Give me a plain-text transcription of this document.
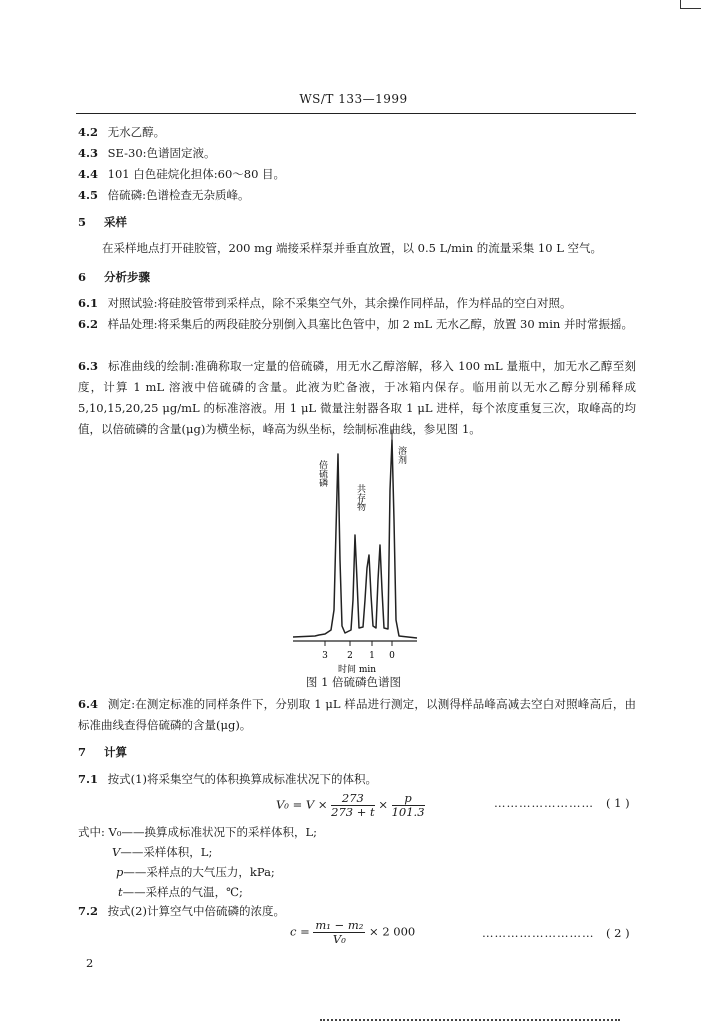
WS/T 133—1999
4.2 无水乙醇。
4.3 SE-30:色谱固定液。
4.4 101 白色硅烷化担体:60～80 目。
4.5 倍硫磷:色谱检查无杂质峰。
5 采样
在采样地点打开硅胶管，200 mg 端接采样泵并垂直放置，以 0.5 L/min 的流量采集 10 L 空气。
6 分析步骤
6.1 对照试验:将硅胶管带到采样点，除不采集空气外，其余操作同样品，作为样品的空白对照。
6.2 样品处理:将采集后的两段硅胶分别倒入具塞比色管中，加 2 mL 无水乙醇，放置 30 min 并时常振摇。
6.3 标准曲线的绘制:准确称取一定量的倍硫磷，用无水乙醇溶解，移入 100 mL 量瓶中，加无水乙醇至刻度，计算 1 mL 溶液中倍硫磷的含量。此液为贮备液，于冰箱内保存。临用前以无水乙醇分别稀释成 5,10,15,20,25 μg/mL 的标准溶液。用 1 μL 微量注射器各取 1 μL 进样，每个浓度重复三次，取峰高的均值，以倍硫磷的含量(μg)为横坐标，峰高为纵坐标，绘制标准曲线，参见图 1。
3 2 1 0
时间 min
倍硫磷
共存物
溶剂
图 1 倍硫磷色谱图
6.4 测定:在测定标准的同样条件下，分别取 1 μL 样品进行测定，以测得样品峰高减去空白对照峰高后，由标准曲线查得倍硫磷的含量(μg)。
7 计算
7.1 按式(1)将采集空气的体积换算成标准状况下的体积。
$V_0 = V \times \frac{273}{273 + t} \times \frac{p}{101.3}$	…………………… ( 1 )
式中: V₀——换算成标准状况下的采样体积，L;
V——采样体积，L;
p——采样点的大气压力，kPa;
t——采样点的气温，℃;
7.2 按式(2)计算空气中倍硫磷的浓度。
$c = \frac{\text{m₁ − m₂}}{\text{V₀}} \times 2$ 000	……………………… ( 2 )
2
